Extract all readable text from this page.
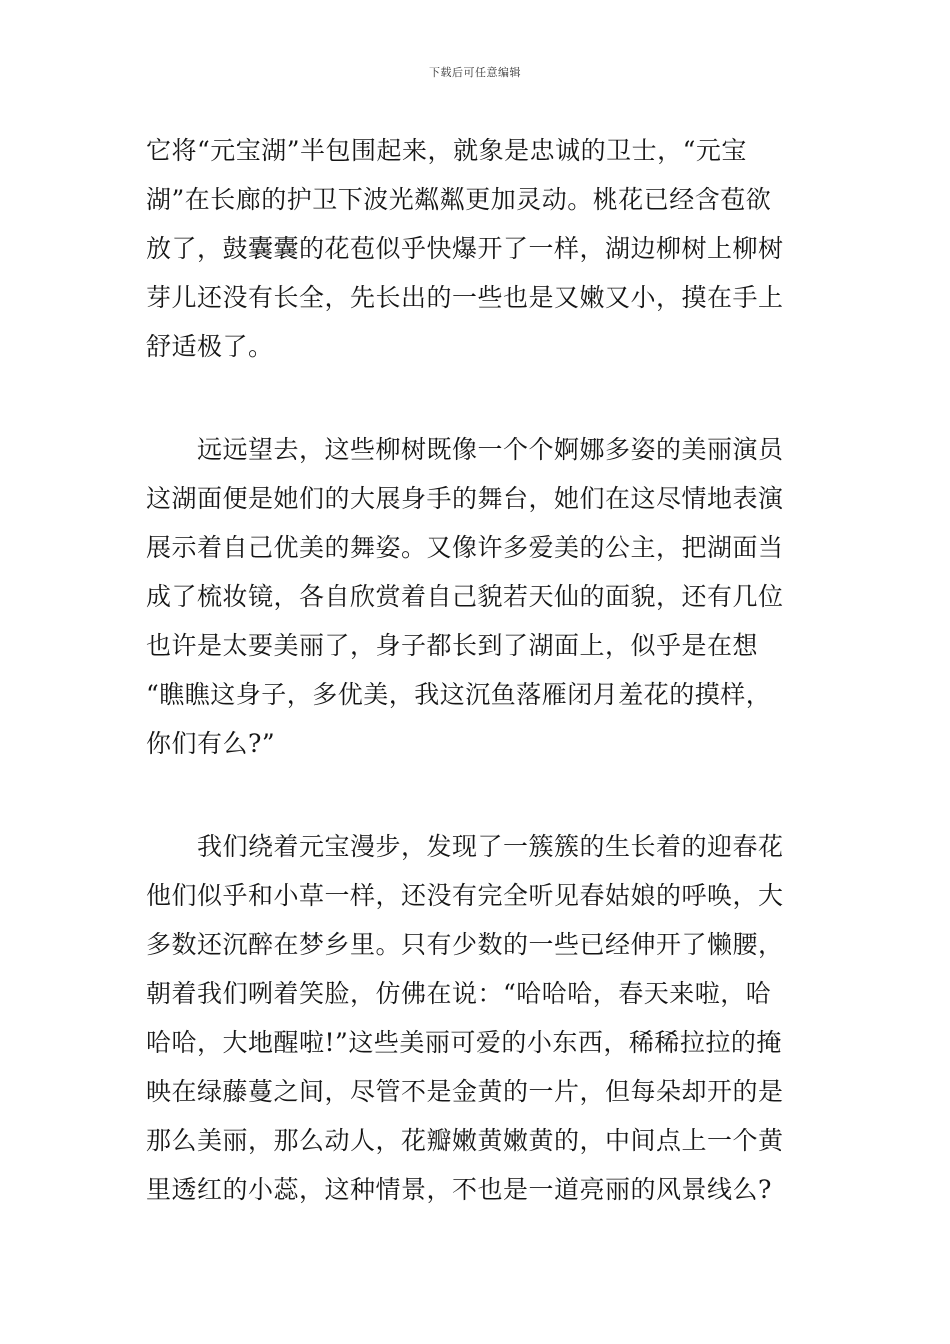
下载后可任意编辑
它将“元宝湖”半包围起来，就象是忠诚的卫士，“元宝
湖”在长廊的护卫下波光粼粼更加灵动。桃花已经含苞欲
放了，鼓囊囊的花苞似乎快爆开了一样，湖边柳树上柳树
芽儿还没有长全，先长出的一些也是又嫩又小，摸在手上
舒适极了。
　　远远望去，这些柳树既像一个个婀娜多姿的美丽演员
这湖面便是她们的大展身手的舞台，她们在这尽情地表演
展示着自己优美的舞姿。又像许多爱美的公主，把湖面当
成了梳妆镜，各自欣赏着自己貌若天仙的面貌，还有几位
也许是太要美丽了，身子都长到了湖面上，似乎是在想
“瞧瞧这身子，多优美，我这沉鱼落雁闭月羞花的摸样，
你们有么?”
　　我们绕着元宝漫步，发现了一簇簇的生长着的迎春花
他们似乎和小草一样，还没有完全听见春姑娘的呼唤，大
多数还沉醉在梦乡里。只有少数的一些已经伸开了懒腰，
朝着我们咧着笑脸，仿佛在说：“哈哈哈，春天来啦，哈
哈哈，大地醒啦!”这些美丽可爱的小东西，稀稀拉拉的掩
映在绿藤蔓之间，尽管不是金黄的一片，但每朵却开的是
那么美丽，那么动人，花瓣嫩黄嫩黄的，中间点上一个黄
里透红的小蕊，这种情景，不也是一道亮丽的风景线么?
